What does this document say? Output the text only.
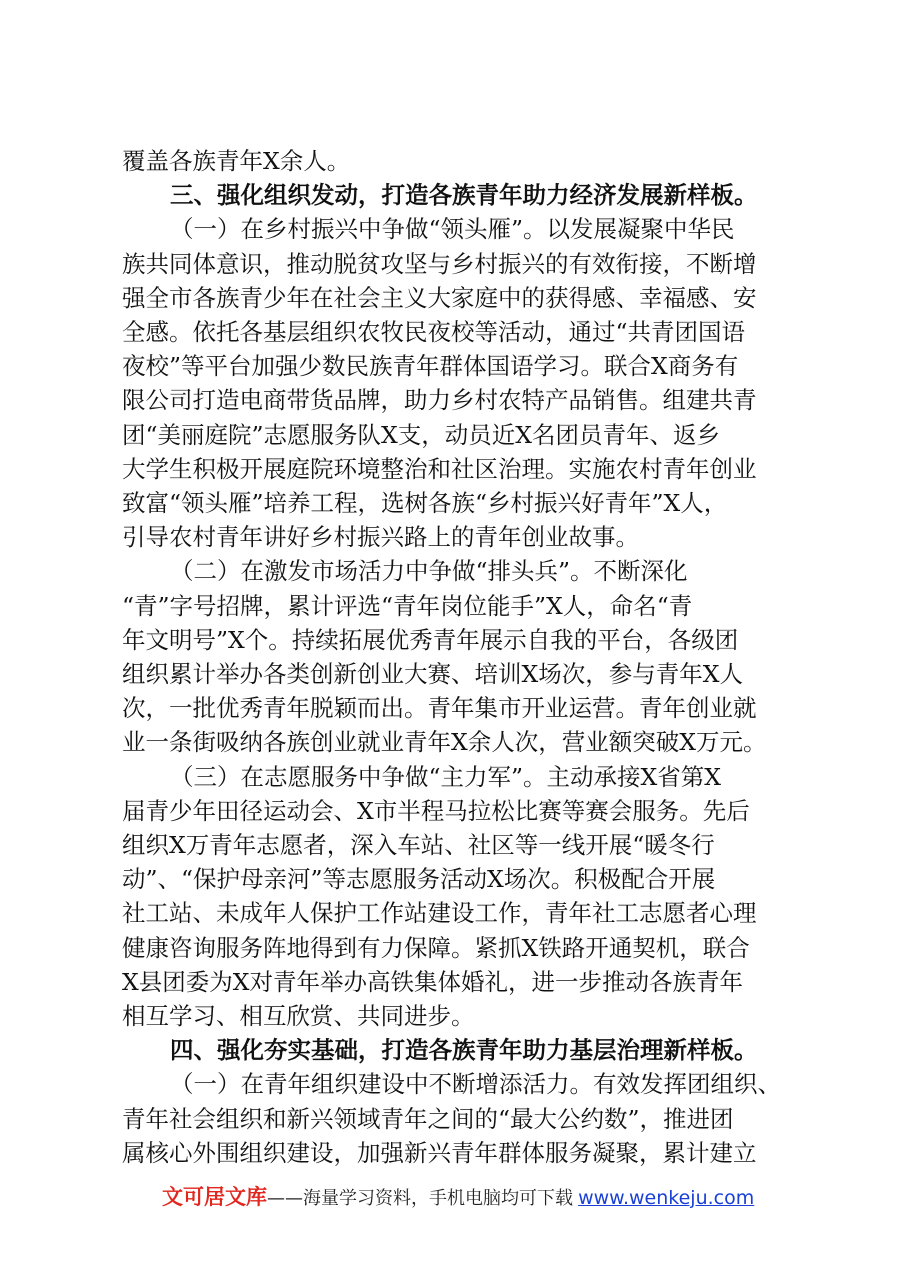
覆盖各族青年X余人。
三、强化组织发动，打造各族青年助力经济发展新样板。
（一）在乡村振兴中争做“领头雁”。以发展凝聚中华民
族共同体意识，推动脱贫攻坚与乡村振兴的有效衔接，不断增
强全市各族青少年在社会主义大家庭中的获得感、幸福感、安
全感。依托各基层组织农牧民夜校等活动，通过“共青团国语
夜校”等平台加强少数民族青年群体国语学习。联合X商务有
限公司打造电商带货品牌，助力乡村农特产品销售。组建共青
团“美丽庭院”志愿服务队X支，动员近X名团员青年、返乡
大学生积极开展庭院环境整治和社区治理。实施农村青年创业
致富“领头雁”培养工程，选树各族“乡村振兴好青年”X人，
引导农村青年讲好乡村振兴路上的青年创业故事。
（二）在激发市场活力中争做“排头兵”。不断深化
“青”字号招牌，累计评选“青年岗位能手”X人，命名“青
年文明号”X个。持续拓展优秀青年展示自我的平台，各级团
组织累计举办各类创新创业大赛、培训X场次，参与青年X人
次，一批优秀青年脱颖而出。青年集市开业运营。青年创业就
业一条街吸纳各族创业就业青年X余人次，营业额突破X万元。
（三）在志愿服务中争做“主力军”。主动承接X省第X
届青少年田径运动会、X市半程马拉松比赛等赛会服务。先后
组织X万青年志愿者，深入车站、社区等一线开展“暖冬行
动”、“保护母亲河”等志愿服务活动X场次。积极配合开展
社工站、未成年人保护工作站建设工作，青年社工志愿者心理
健康咨询服务阵地得到有力保障。紧抓X铁路开通契机，联合
X县团委为X对青年举办高铁集体婚礼，进一步推动各族青年
相互学习、相互欣赏、共同进步。
四、强化夯实基础，打造各族青年助力基层治理新样板。
（一）在青年组织建设中不断增添活力。有效发挥团组织、
青年社会组织和新兴领域青年之间的“最大公约数”，推进团
属核心外围组织建设，加强新兴青年群体服务凝聚，累计建立
文可居文库——海量学习资料，手机电脑均可下载 www.wenkeju.com
